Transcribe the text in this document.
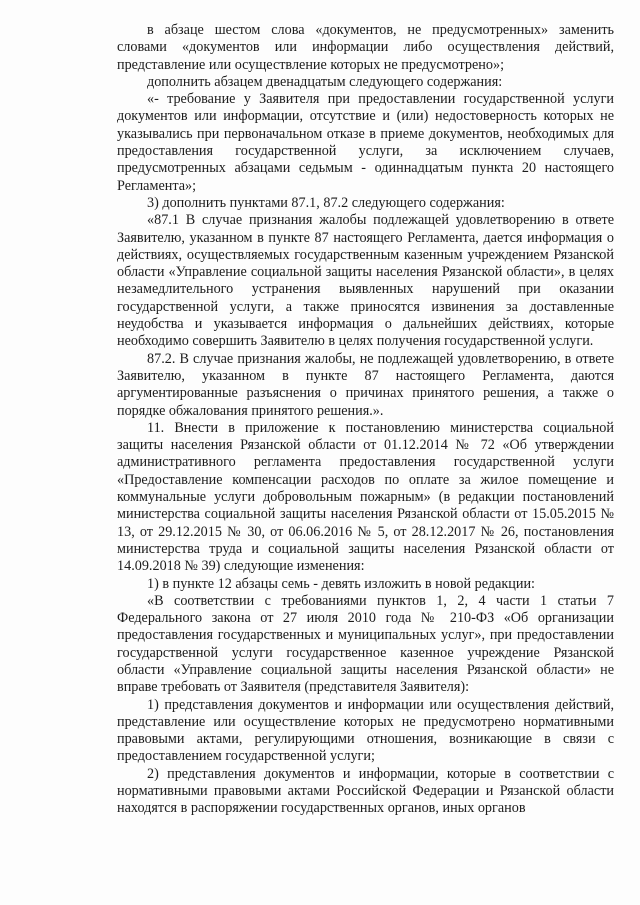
в абзаце шестом слова «документов, не предусмотренных» заменить словами «документов или информации либо осуществления действий, представление или осуществление которых не предусмотрено»;

дополнить абзацем двенадцатым следующего содержания:

«- требование у Заявителя при предоставлении государственной услуги документов или информации, отсутствие и (или) недостоверность которых не указывались при первоначальном отказе в приеме документов, необходимых для предоставления государственной услуги, за исключением случаев, предусмотренных абзацами седьмым - одиннадцатым пункта 20 настоящего Регламента»;

3) дополнить пунктами 87.1, 87.2 следующего содержания:

«87.1 В случае признания жалобы подлежащей удовлетворению в ответе Заявителю, указанном в пункте 87 настоящего Регламента, дается информация о действиях, осуществляемых государственным казенным учреждением Рязанской области «Управление социальной защиты населения Рязанской области», в целях незамедлительного устранения выявленных нарушений при оказании государственной услуги, а также приносятся извинения за доставленные неудобства и указывается информация о дальнейших действиях, которые необходимо совершить Заявителю в целях получения государственной услуги.

87.2. В случае признания жалобы, не подлежащей удовлетворению, в ответе Заявителю, указанном в пункте 87 настоящего Регламента, даются аргументированные разъяснения о причинах принятого решения, а также о порядке обжалования принятого решения.».

11. Внести в приложение к постановлению министерства социальной защиты населения Рязанской области от 01.12.2014 № 72 «Об утверждении административного регламента предоставления государственной услуги «Предоставление компенсации расходов по оплате за жилое помещение и коммунальные услуги добровольным пожарным» (в редакции постановлений министерства социальной защиты населения Рязанской области от 15.05.2015 № 13, от 29.12.2015 № 30, от 06.06.2016 № 5, от 28.12.2017 № 26, постановления министерства труда и социальной защиты населения Рязанской области от 14.09.2018 № 39) следующие изменения:

1) в пункте 12 абзацы семь - девять изложить в новой редакции:

«В соответствии с требованиями пунктов 1, 2, 4 части 1 статьи 7 Федерального закона от 27 июля 2010 года № 210-ФЗ «Об организации предоставления государственных и муниципальных услуг», при предоставлении государственной услуги государственное казенное учреждение Рязанской области «Управление социальной защиты населения Рязанской области» не вправе требовать от Заявителя (представителя Заявителя):

1) представления документов и информации или осуществления действий, представление или осуществление которых не предусмотрено нормативными правовыми актами, регулирующими отношения, возникающие в связи с предоставлением государственной услуги;

2) представления документов и информации, которые в соответствии с нормативными правовыми актами Российской Федерации и Рязанской области находятся в распоряжении государственных органов, иных органов
